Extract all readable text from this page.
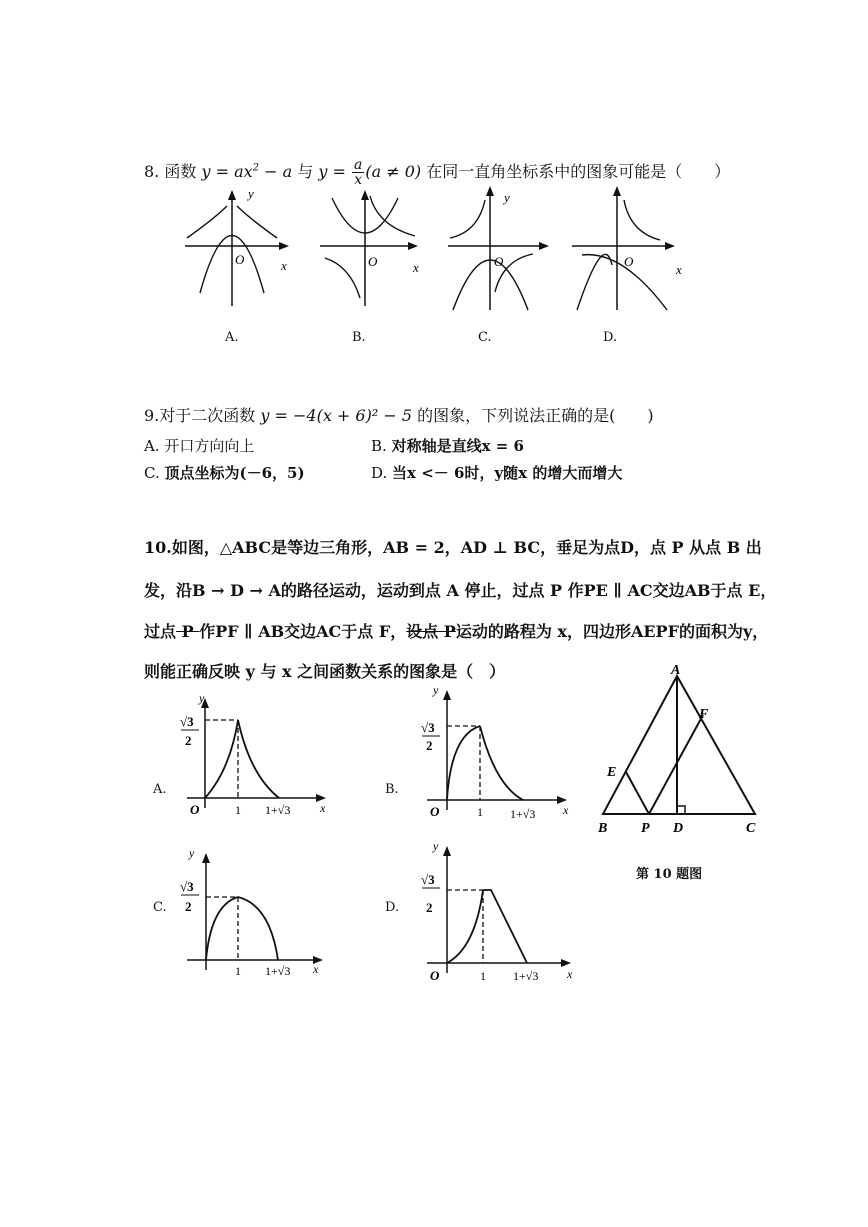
8. 函数 $y = ax^2 - a$ 与 $y = \frac{a}{x} (a \ne 0)$ 在同一直角坐标系中的图象可能是（　　）
y
O	x
A.
O	x
B.
y
O
C.
O
x
D.
9.对于二次函数 y = −4(x + 6)² − 5 的图象，下列说法正确的是(　　)
A. 开口方向向上	B. 对称轴是直线x = 6
C. 顶点坐标为(－6，5)	D. 当x <－ 6时，y随x 的增大而增大
10.如图，△ABC是等边三角形，AB = 2，AD ⊥ BC，垂足为点D，点 P 从点 B 出
发，沿B → D → A的路径运动，运动到点 A 停止，过点 P 作PE ∥ AC交边AB于点 E，
过点 P 作PF ∥ AB交边AC于点 F，设点 P运动的路程为 x，四边形AEPF的面积为y，
则能正确反映 y 与 x 之间函数关系的图象是（　）
y
√3
2
O	1 1+√3 x
A.
y
√3
2
O	1 1+√3 x
B.
y
√3
2
1 1+√3 x
C.
y
√3
2
O	1 1+√3 x
D.
A
B	C
D
E
F
P
第 10 题图
